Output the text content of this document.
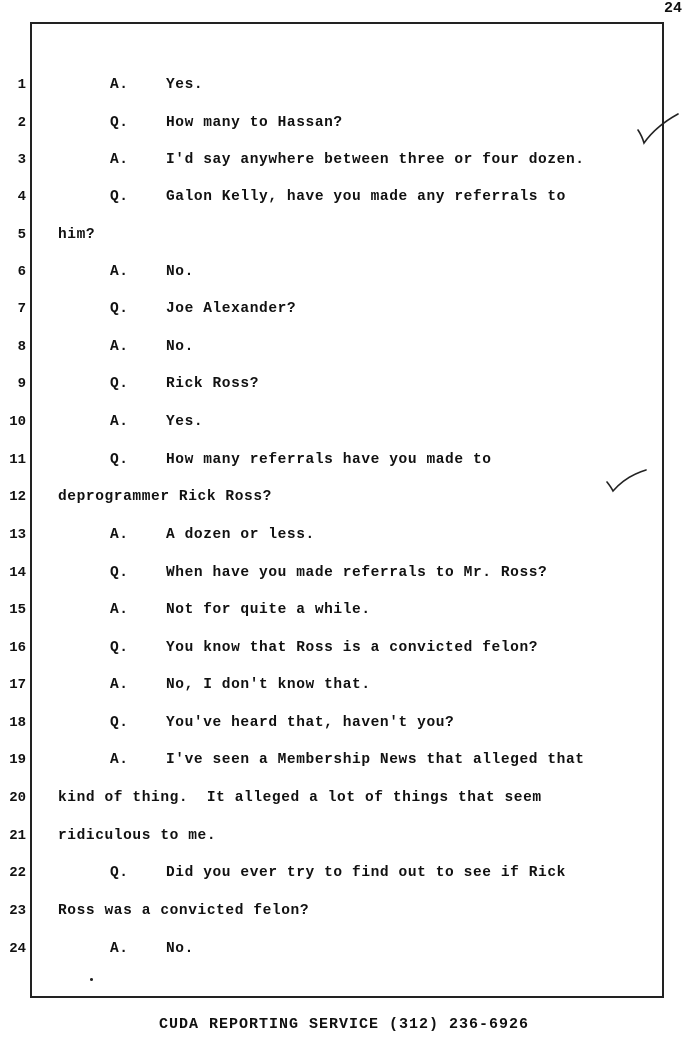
24
1
2
3
4
5
6
7
8
9
10
11
12
13
14
15
16
17
18
19
20
21
22
23
24
A.	Yes.
Q.	How many to Hassan?
A.	I'd say anywhere between three or four dozen.
Q.	Galon Kelly, have you made any referrals to
him?
A.	No.
Q.	Joe Alexander?
A.	No.
Q.	Rick Ross?
A.	Yes.
Q.	How many referrals have you made to
deprogrammer Rick Ross?
A.	A dozen or less.
Q.	When have you made referrals to Mr. Ross?
A.	Not for quite a while.
Q.	You know that Ross is a convicted felon?
A.	No, I don't know that.
Q.	You've heard that, haven't you?
A.	I've seen a Membership News that alleged that
kind of thing.  It alleged a lot of things that seem
ridiculous to me.
Q.	Did you ever try to find out to see if Rick
Ross was a convicted felon?
A.	No.
CUDA REPORTING SERVICE (312) 236-6926
